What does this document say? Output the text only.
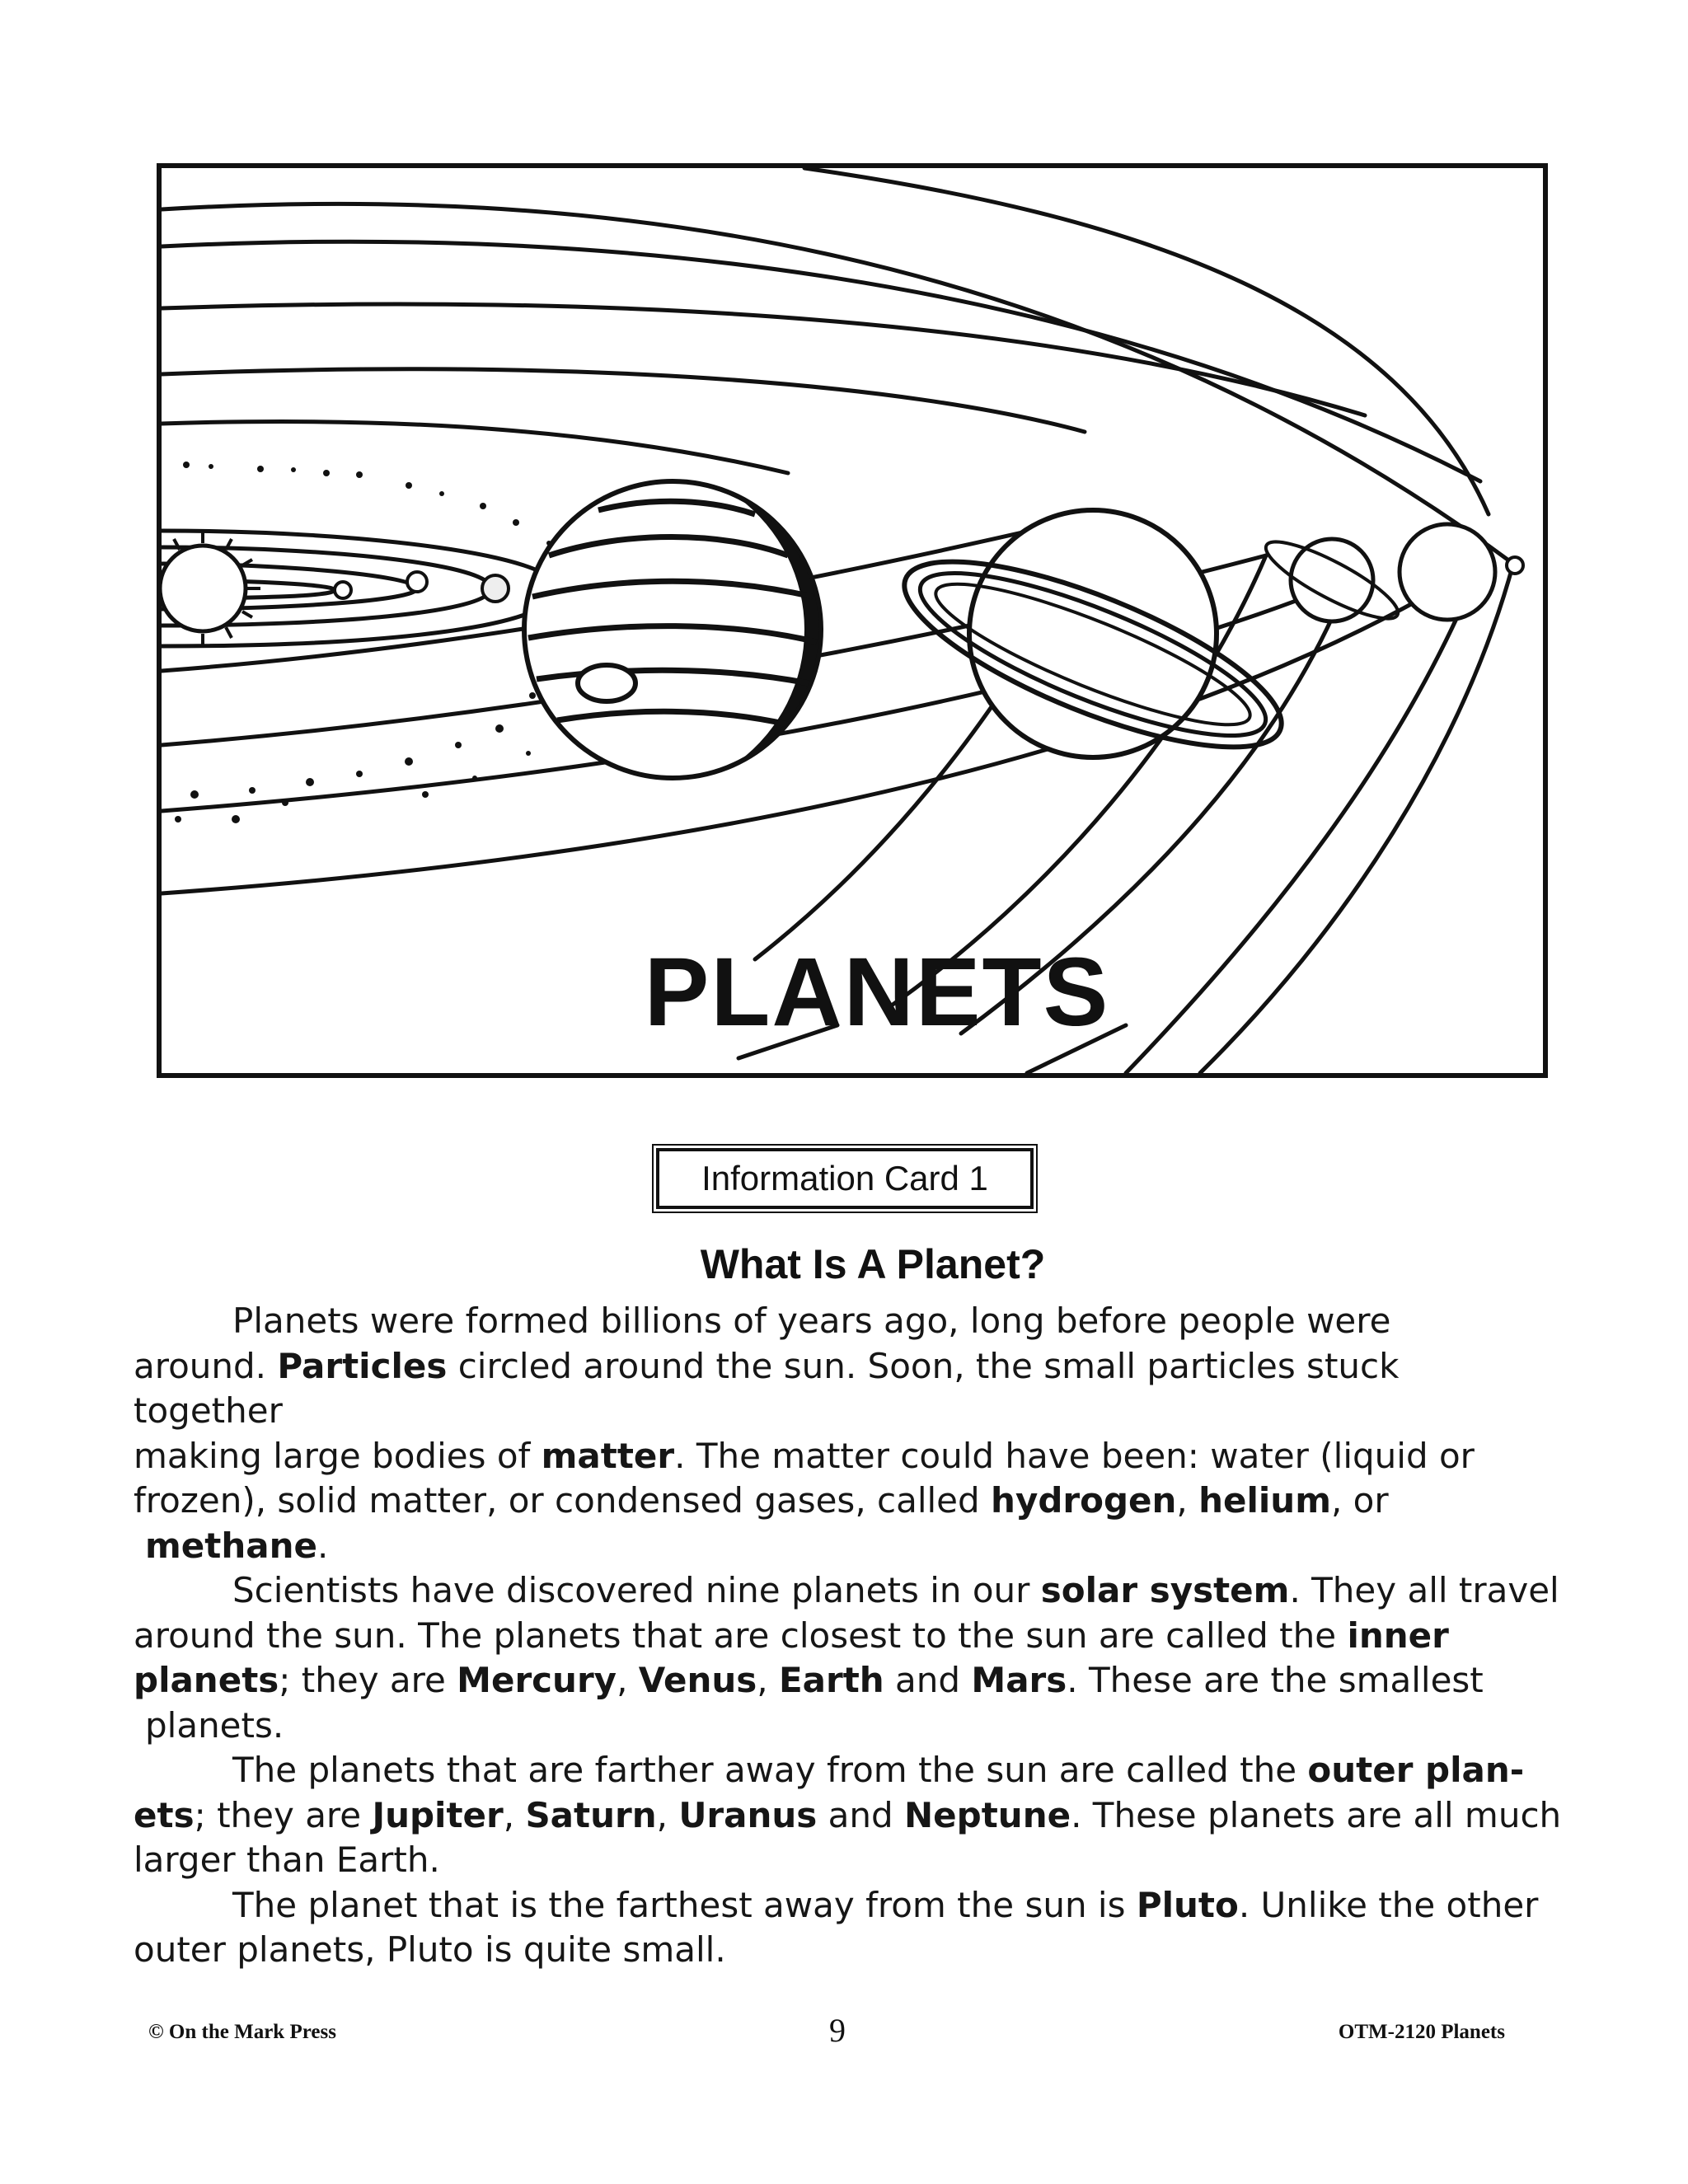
PLANETS
Information Card 1
What Is A Planet?
Planets were formed billions of years ago, long before people were
around. Particles circled around the sun. Soon, the small particles stuck
together
making large bodies of matter. The matter could have been: water (liquid or
frozen), solid matter, or condensed gases, called hydrogen, helium, or
methane.
Scientists have discovered nine planets in our solar system. They all travel
around the sun. The planets that are closest to the sun are called the inner
planets; they are Mercury, Venus, Earth and Mars. These are the smallest
planets.
The planets that are farther away from the sun are called the outer plan-
ets; they are Jupiter, Saturn, Uranus and Neptune. These planets are all much
larger than Earth.
The planet that is the farthest away from the sun is Pluto. Unlike the other
outer planets, Pluto is quite small.
© On the Mark Press	9	OTM-2120 Planets
